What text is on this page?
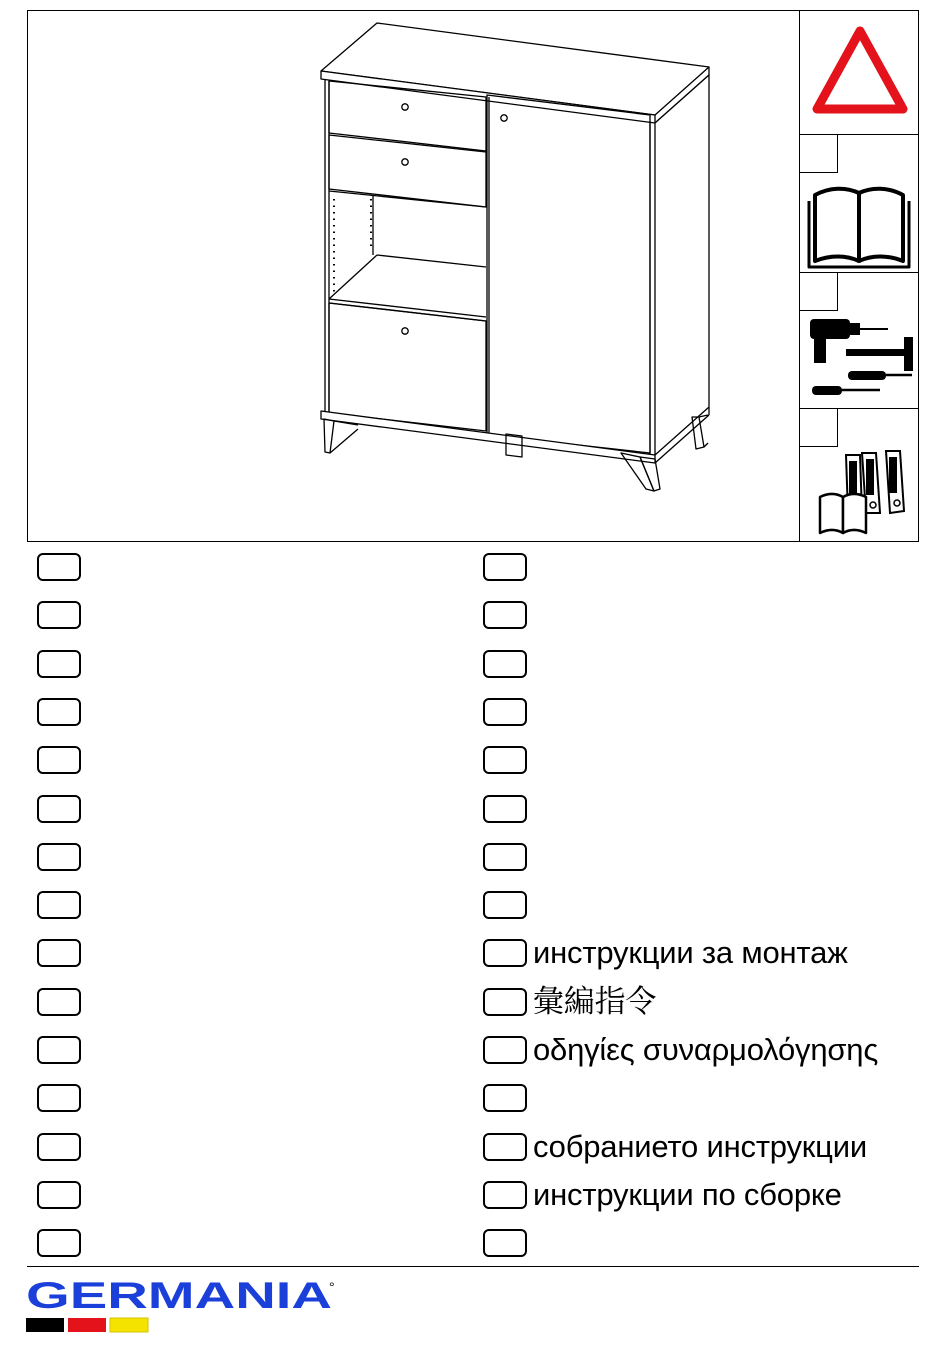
инструкции за монтаж
彙編指令
οδηγίες συναρμολόγησης
собранието инструкции
инструкции по сборке
GERMANIA
°
